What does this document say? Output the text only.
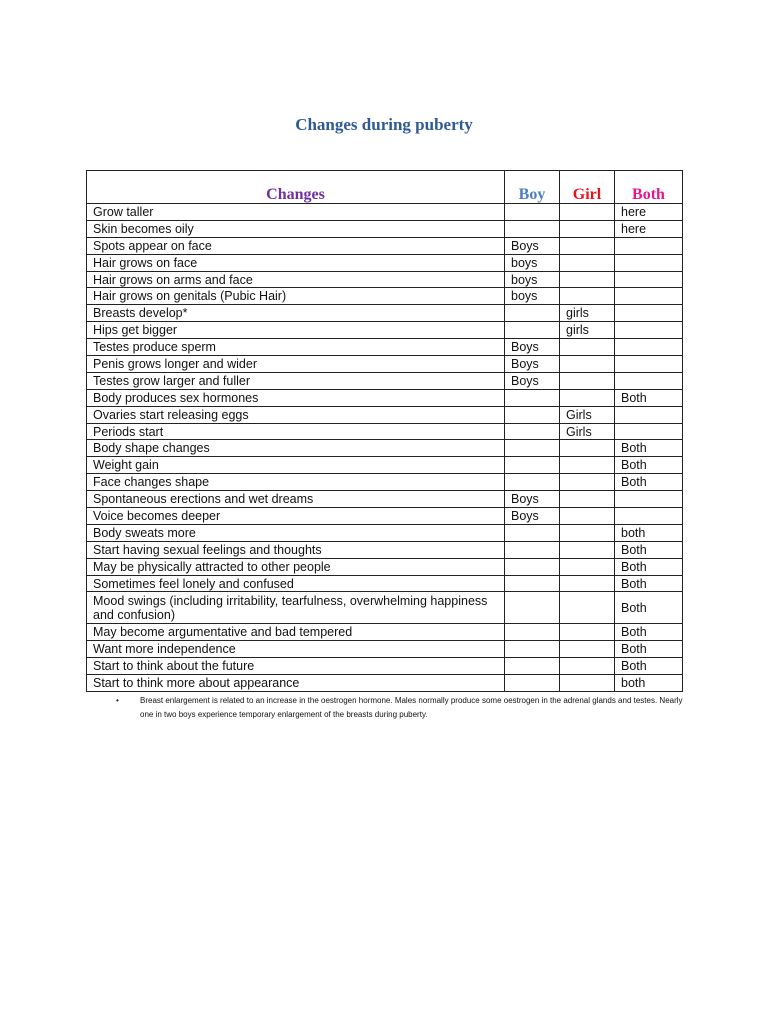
Changes during puberty
Changes	Boy	Girl	Both
Grow taller			here
Skin becomes oily			here
Spots appear on face	Boys		
Hair grows on face	boys		
Hair grows on arms and face	boys		
Hair grows on genitals (Pubic Hair)	boys		
Breasts develop*		girls	
Hips get bigger		girls	
Testes produce sperm	Boys		
Penis grows longer and wider	Boys		
Testes grow larger and fuller	Boys		
Body produces sex hormones			Both
Ovaries start releasing eggs		Girls	
Periods start		Girls	
Body shape changes			Both
Weight gain			Both
Face changes shape			Both
Spontaneous erections and wet dreams	Boys		
Voice becomes deeper	Boys		
Body sweats more			both
Start having sexual feelings and thoughts			Both
May be physically attracted to other people			Both
Sometimes feel lonely and confused			Both
Mood swings (including irritability, tearfulness, overwhelming happiness and confusion)			Both
May become argumentative and bad tempered			Both
Want more independence			Both
Start to think about the future			Both
Start to think more about appearance			both
•	Breast enlargement is related to an increase in the oestrogen hormone. Males normally produce some oestrogen in the adrenal glands and testes. Nearly one in two boys experience temporary enlargement of the breasts during puberty.
